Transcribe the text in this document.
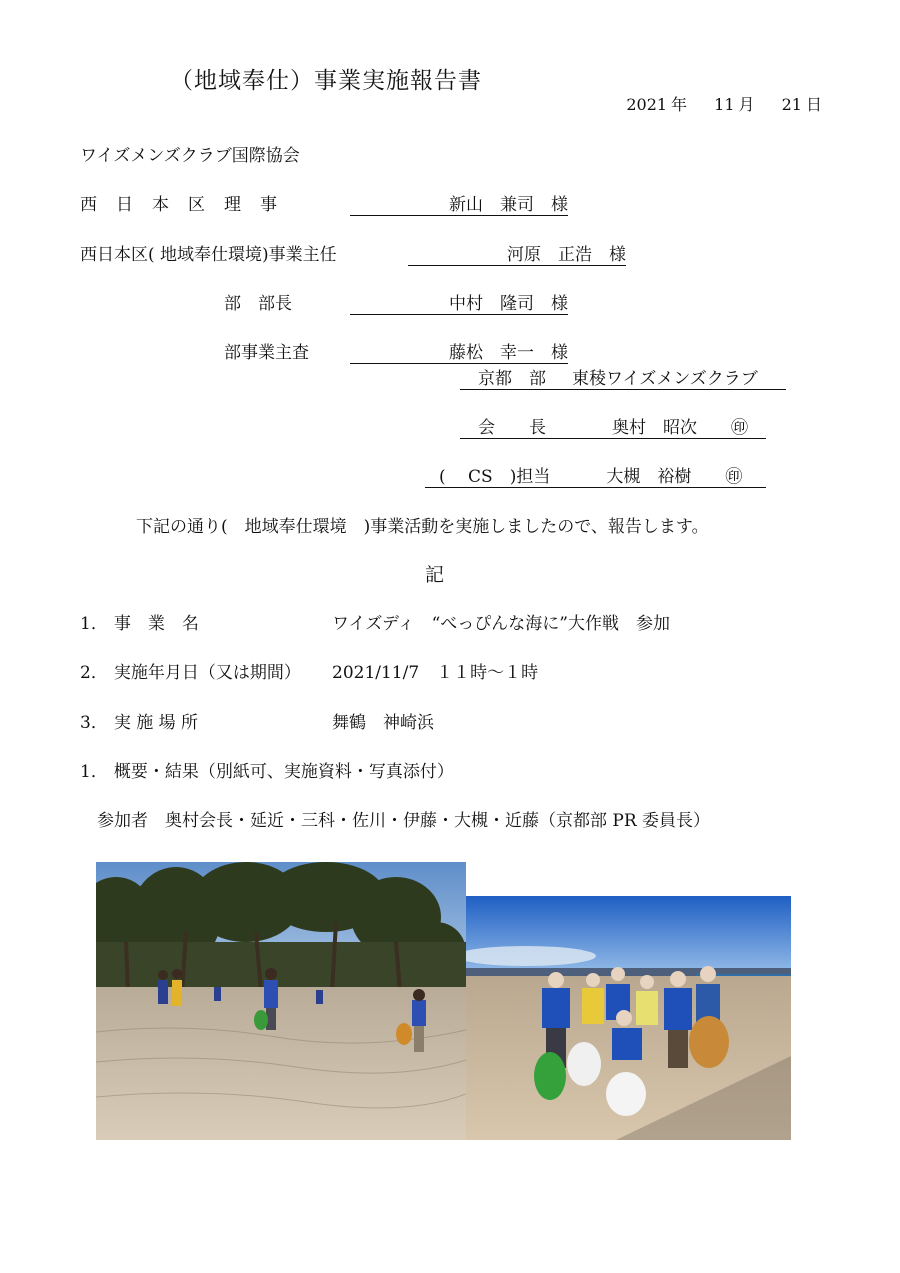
（地域奉仕）事業実施報告書
2021 年 11 月 21 日
ワイズメンズクラブ国際協会
西　日　本　区　理　事	新山　兼司　様
西日本区( 地域奉仕環境)事業主任	河原　正浩　様
部　部長	中村　隆司　様
部事業主査	藤松　幸一　様
京都　部 東稜ワイズメンズクラブ
会　　長	奥村　昭次 ㊞
(　 CS　)担当	大槻　裕樹 ㊞
下記の通り(　地域奉仕環境　)事業活動を実施しましたので、報告します。
記
1． 事　業　名	ワイズディ　“べっぴんな海に”大作戦　参加
2． 実施年月日（又は期間） 2021/11/7　１１時～１時
3． 実 施 場 所	舞鶴　神崎浜
1． 概要・結果（別紙可、実施資料・写真添付）
参加者　奥村会長・延近・三科・佐川・伊藤・大槻・近藤（京都部 PR 委員長）
